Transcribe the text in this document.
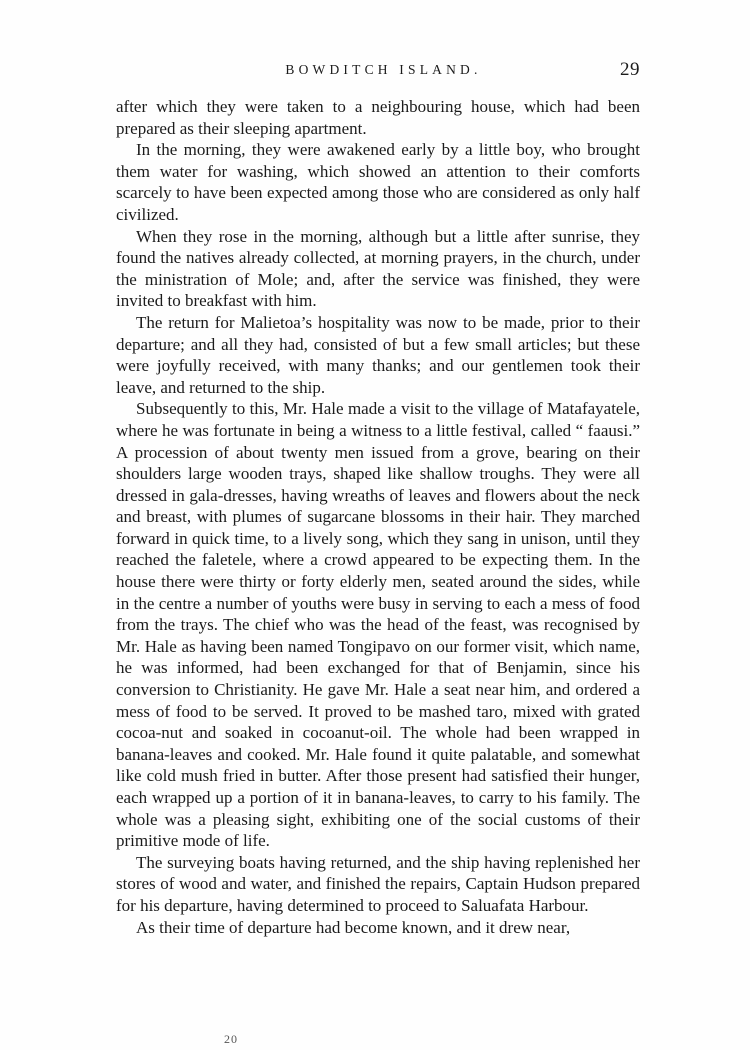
BOWDITCH ISLAND.	29

after which they were taken to a neighbouring house, which had been prepared as their sleeping apartment.

In the morning, they were awakened early by a little boy, who brought them water for washing, which showed an attention to their comforts scarcely to have been expected among those who are considered as only half civilized.

When they rose in the morning, although but a little after sunrise, they found the natives already collected, at morning prayers, in the church, under the ministration of Mole; and, after the service was finished, they were invited to breakfast with him.

The return for Malietoa’s hospitality was now to be made, prior to their departure; and all they had, consisted of but a few small articles; but these were joyfully received, with many thanks; and our gentlemen took their leave, and returned to the ship.

Subsequently to this, Mr. Hale made a visit to the village of Matafayatele, where he was fortunate in being a witness to a little festival, called “ faausi.” A procession of about twenty men issued from a grove, bearing on their shoulders large wooden trays, shaped like shallow troughs. They were all dressed in gala-dresses, having wreaths of leaves and flowers about the neck and breast, with plumes of sugarcane blossoms in their hair. They marched forward in quick time, to a lively song, which they sang in unison, until they reached the faletele, where a crowd appeared to be expecting them. In the house there were thirty or forty elderly men, seated around the sides, while in the centre a number of youths were busy in serving to each a mess of food from the trays. The chief who was the head of the feast, was recognised by Mr. Hale as having been named Tongipavo on our former visit, which name, he was informed, had been exchanged for that of Benjamin, since his conversion to Christianity. He gave Mr. Hale a seat near him, and ordered a mess of food to be served. It proved to be mashed taro, mixed with grated cocoa-nut and soaked in cocoanut-oil. The whole had been wrapped in banana-leaves and cooked. Mr. Hale found it quite palatable, and somewhat like cold mush fried in butter. After those present had satisfied their hunger, each wrapped up a portion of it in banana-leaves, to carry to his family. The whole was a pleasing sight, exhibiting one of the social customs of their primitive mode of life.

The surveying boats having returned, and the ship having replenished her stores of wood and water, and finished the repairs, Captain Hudson prepared for his departure, having determined to proceed to Saluafata Harbour.

As their time of departure had become known, and it drew near,

20
